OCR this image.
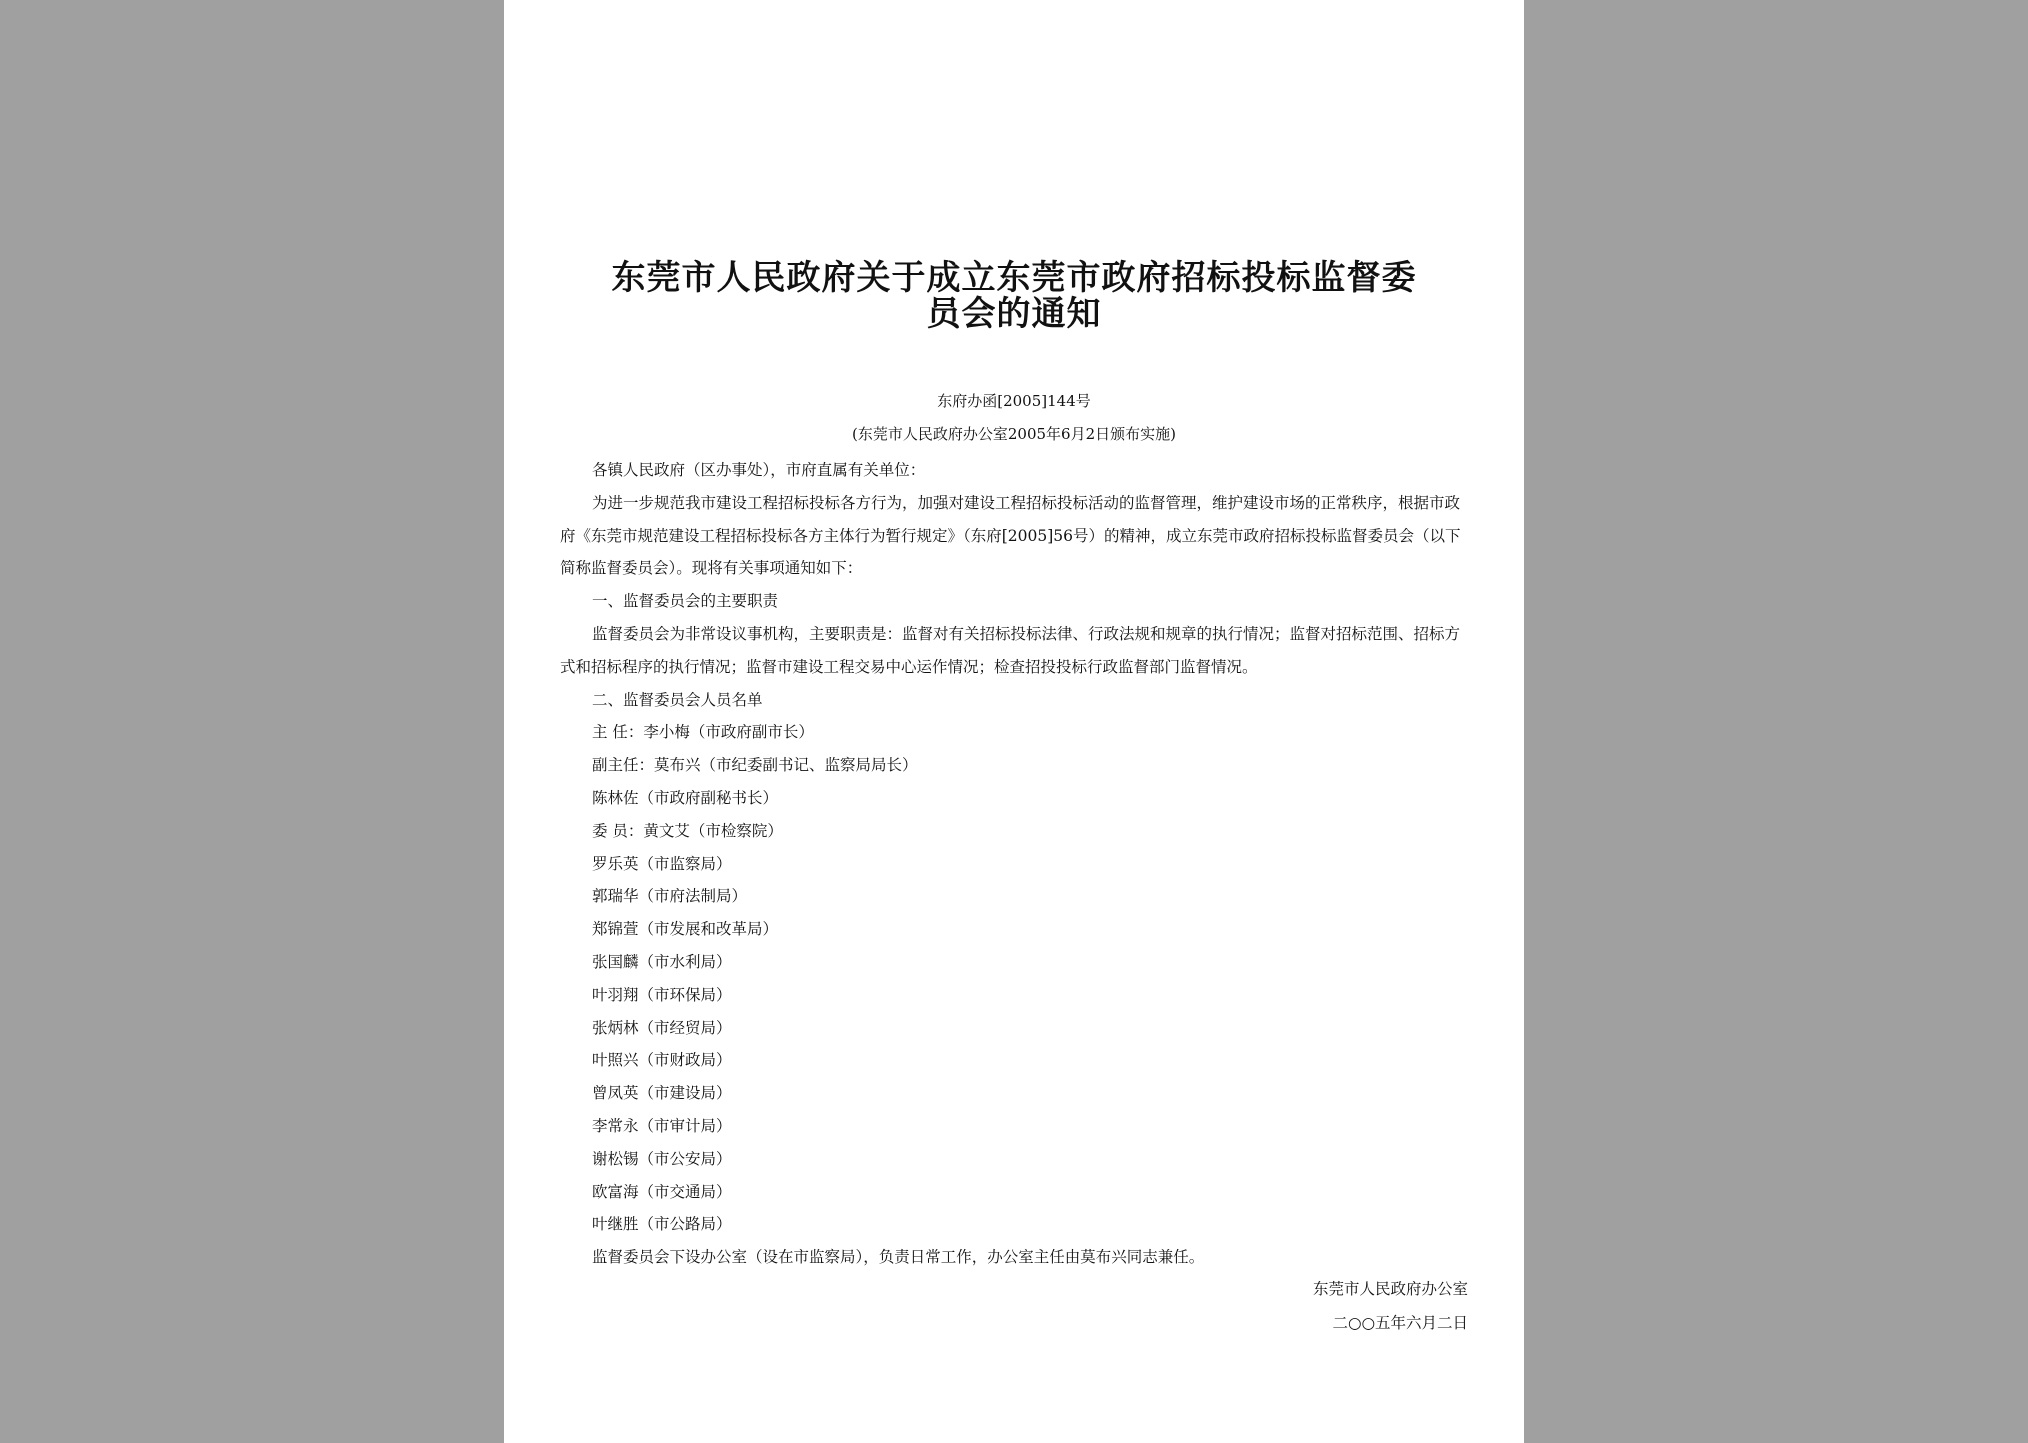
东莞市人民政府关于成立东莞市政府招标投标监督委
员会的通知
东府办函[2005]144号
(东莞市人民政府办公室2005年6月2日颁布实施)

各镇人民政府（区办事处），市府直属有关单位：

为进一步规范我市建设工程招标投标各方行为，加强对建设工程招标投标活动的监督管理，维护建设市场的正常秩序，根据市政府《东莞市规范建设工程招标投标各方主体行为暂行规定》（东府[2005]56号）的精神，成立东莞市政府招标投标监督委员会（以下简称监督委员会）。现将有关事项通知如下：

一、监督委员会的主要职责

监督委员会为非常设议事机构，主要职责是：监督对有关招标投标法律、行政法规和规章的执行情况；监督对招标范围、招标方式和招标程序的执行情况；监督市建设工程交易中心运作情况；检查招投投标行政监督部门监督情况。

二、监督委员会人员名单

主 任：李小梅（市政府副市长）

副主任：莫布兴（市纪委副书记、监察局局长）

陈林佐（市政府副秘书长）

委 员：黄文艾（市检察院）

罗乐英（市监察局）

郭瑞华（市府法制局）

郑锦萱（市发展和改革局）

张国麟（市水利局）

叶羽翔（市环保局）

张炳林（市经贸局）

叶照兴（市财政局）

曾凤英（市建设局）

李常永（市审计局）

谢松锡（市公安局）

欧富海（市交通局）

叶继胜（市公路局）

监督委员会下设办公室（设在市监察局），负责日常工作，办公室主任由莫布兴同志兼任。

东莞市人民政府办公室
二○○五年六月二日
